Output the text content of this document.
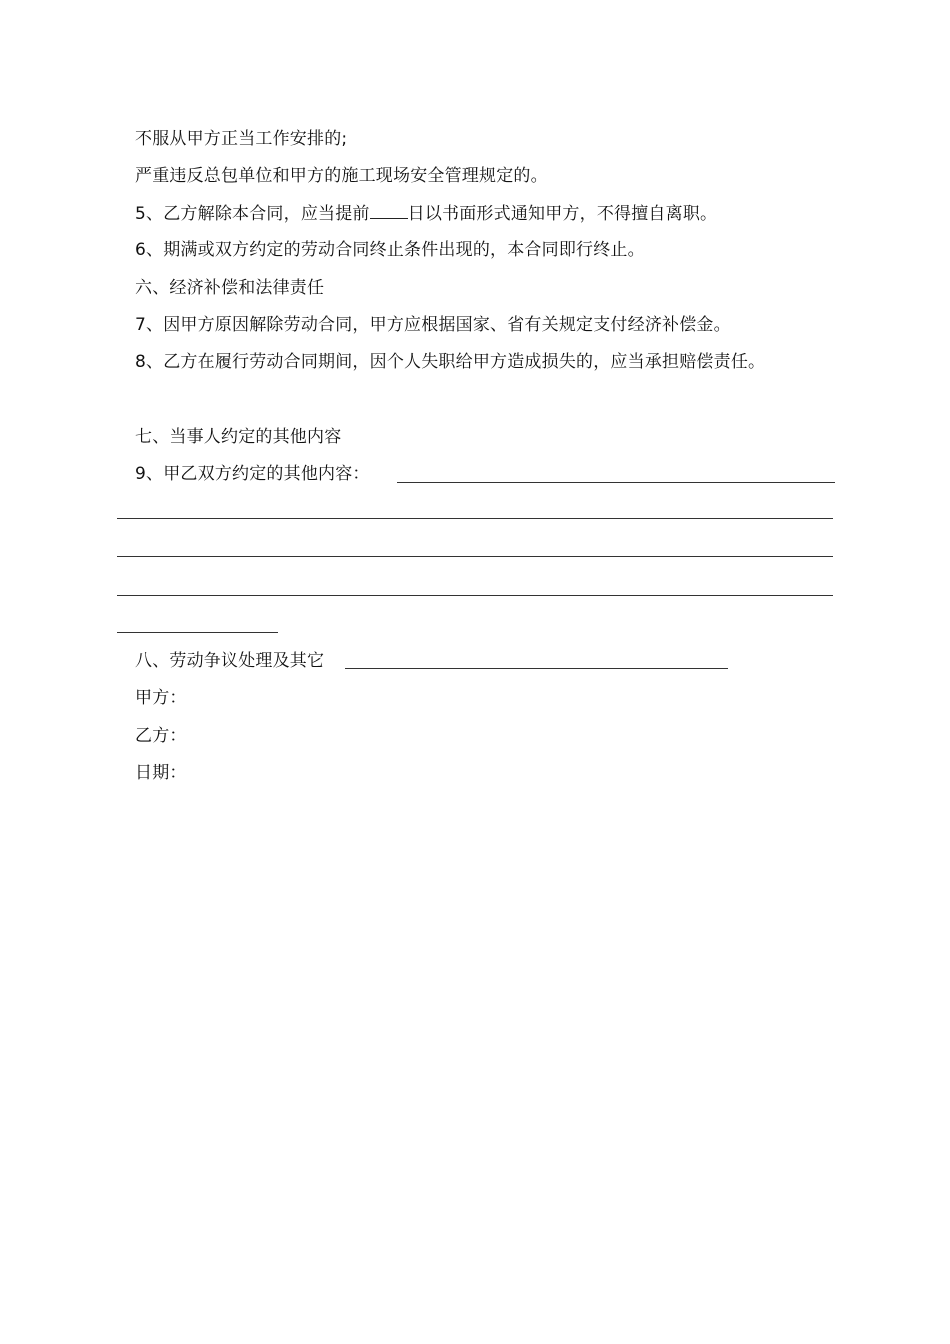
不服从甲方正当工作安排的;
严重违反总包单位和甲方的施工现场安全管理规定的。
5、乙方解除本合同，应当提前 日以书面形式通知甲方，不得擅自离职。
6、期满或双方约定的劳动合同终止条件出现的，本合同即行终止。
六、经济补偿和法律责任
7、因甲方原因解除劳动合同，甲方应根据国家、省有关规定支付经济补偿金。
8、乙方在履行劳动合同期间，因个人失职给甲方造成损失的，应当承担赔偿责任。
七、当事人约定的其他内容
9、甲乙双方约定的其他内容：
八、劳动争议处理及其它
甲方：
乙方：
日期：
